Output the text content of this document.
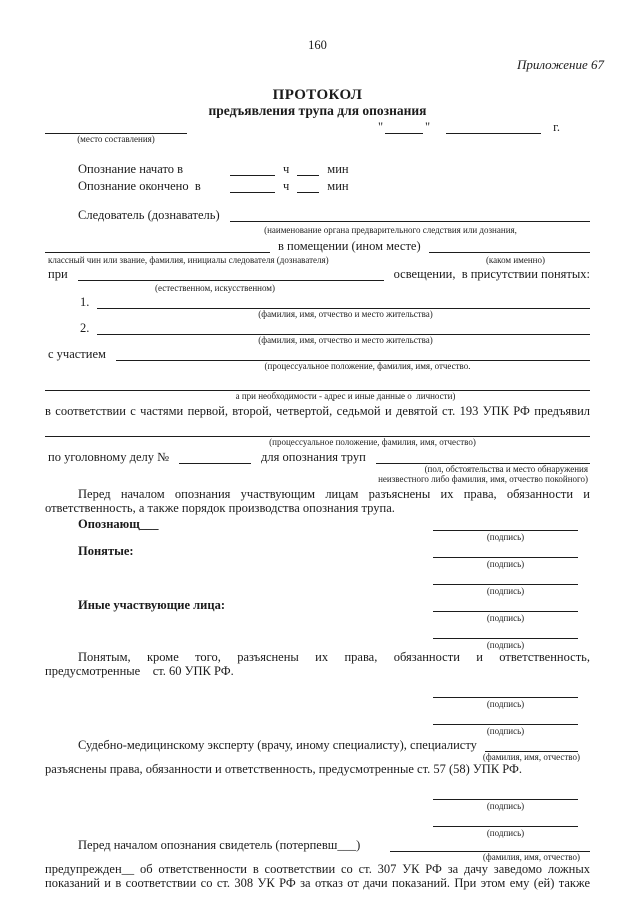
160
Приложение 67
ПРОТОКОЛ
предъявления трупа для опознания
(место составления)
"	"	г.
Опознание начато в	ч	мин
Опознание окончено  в	ч	мин
Следователь (дознаватель)
(наименование органа предварительного следствия или дознания,
в помещении (ином месте)
классный чин или звание, фамилия, инициалы следователя (дознавателя)	(каком именно)
при	освещении,  в присутствии понятых:
(естественном, искусственном)
1.
(фамилия, имя, отчество и место жительства)
2.
(фамилия, имя, отчество и место жительства)
с участием
(процессуальное положение, фамилия, имя, отчество.
а при необходимости - адрес и иные данные о  личности)
в соответствии с частями первой, второй, четвертой, седьмой и девятой ст. 193 УПК РФ предъявил
(процессуальное положение, фамилия, имя, отчество)
по уголовному делу №	для опознания труп
(пол, обстоятельства и место обнаружения
неизвестного либо фамилия, имя, отчество покойного)
Перед началом опознания участвующим лицам разъяснены их права, обязанности и
ответственность, а также порядок производства опознания трупа.
Опознающ___
(подпись)
Понятые:
(подпись)
(подпись)
Иные участвующие лица:
(подпись)
(подпись)
Понятым, кроме того, разъяснены их права, обязанности и ответственность,
предусмотренные    ст. 60 УПК РФ.
(подпись)
(подпись)
Судебно-медицинскому эксперту (врачу, иному специалисту), специалисту
(фамилия, имя, отчество)
разъяснены права, обязанности и ответственность, предусмотренные ст. 57 (58) УПК РФ.
(подпись)
(подпись)
Перед началом опознания свидетель (потерпевш___)
(фамилия, имя, отчество)
предупрежден__ об ответственности в соответствии со ст. 307 УК РФ за дачу заведомо ложных
показаний и в соответствии со ст. 308 УК РФ за отказ от дачи показаний. При этом ему (ей) также
